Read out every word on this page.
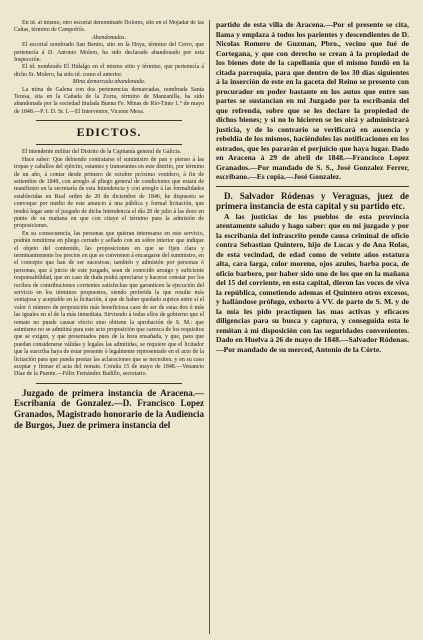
En id. al mismo, otro escorial denominado Dolores, sito en el Mojadar de las Cañas, término de Campofrío.

Abandonadas.

El escorial nombrado San Benito, sito en la Hoya, término del Cerro, que pertenecía á D. Antonio Molero, ha sido declarado abandonado por esta Inspección.

El id. nombrado El Hidalgo en el mismo sitio y término, que pertenecía á dicho Sr. Molero, ha sido id. como el anterior.

Mina demarcada abandonada.

La mina de Galena con dos pertenencias demarcadas, nombrada Santa Teresa, sita en la Cañada de la Zorra, término de Manzanilla, ha sido abandonada por la sociedad titulada Buena Fe. Minas de Rio-Tinto 1.° de mayo de 1848.—P. I. D. Sr. I.—El Interventor, Vicente Mesa.

EDICTOS.

El intendente militar del Distrito de la Capitanía general de Galicia.

Hace saber: Que debiendo contratarse el suministro de pan y pienso á las tropas y caballos del ejército, estantes y transeuntes en este distrito, por término de un año, á contar desde primero de octubre próximo venidero, á fin de setiembre de 1849, con arreglo al pliego general de condiciones que estará de manifiesto en la secretaría de esta Intendencia y con arreglo á las formalidades establecidas en Real orden de 20 de diciembre de 1846, he dispuesto se convoque por medio de este anuncio á una pública y formal licitación, que tendrá lugar ante el juzgado de dicha Intendencia el día 20 de julio á las doce en punto de su mañana en que con citaye el término para la admisión de proposiciones.

En su consecuencia, las personas que quieran interesarse en este servicio, podrán remitirme en pliego cerrado y sellado con un sobre interior que indique el objeto del contenido, las proposiciones en que se fijen clara y terminantemente los precios en que se convienen á encargarse del suministro, en el concepto que han de ser sucesivas; también y admisión por personas ó personas, que á juicio de este juzgado, sean de conocido arraigo y suficiente responsabilidad, que en caso de duda podrá apreciarse y hacerse constar por los recibos de contribuciones corrientes satisfechas que garanticen la ejecución del servicio en los términos propuestos, siendo preferida la que resulte más ventajosa y aceptable en la licitación, á que de haber quedado sujetos entre sí el valor ó número de proposición más beneficiosa caso de ser de estas dos ó más las iguales en el de la más inmediata. Sirviendo á todas ellos de gobierno que el remate no puede causar efecto sino obtiene la aprobación de S. M.: que asimismo no se admitirá para este acto proposición que carezca de los requisitos que se exigen, y que presentados pues de la hora ensañada, y que, para que puedan considerarse válidas y legales las admitidas, se requiere que el licitador que la suscriba haya de estar presente ó legalmente representado en el acto de la licitación para que pueda prestar las aclaraciones que se necesiten, y en su caso aceptar y firmar el acta del remate. Coruña 15 de mayo de 1848.—Venancio Díaz de la Puente.—Félix Fernández Badillo, secretario.

Juzgado de primera instancia de Aracena.—Escribanía de Gonzalez.—D. Francisco Lopez Granados, Magistrado honorario de la Audiencia de Burgos, Juez de primera instancia del

partido de esta villa de Aracena.—Por el presente se cita, llama y emplaza á todos los parientes y descendientes de D. Nicolas Romero de Guzman, Pbro., vecino que fué de Cortegana, y que con derecho se crean á la propiedad de los bienes dote de la capellanía que el mismo fundó en la citada parroquia, para que dentro de los 30 días siguientes á la inserción de este en la gaceta del Reino se presente con procurador en poder bastante en los autos que entre sus partes se sustancian en mi Juzgado por la escribanía del que refrenda, sobre que se les declare la propiedad de dichos bienes; y si no lo hicieren se les oirá y administrará justicia, y de lo contrario se verificará en ausencia y rebeldía de los mismos, haciéndoles las notificaciones en los estrados, que les pararán el perjuicio que haya lugar. Dado en Aracena á 29 de abril de 1848.—Francisco Lopez Granados.—Por mandado de S. S., José Gonzalez Ferrer, escribano.—Es copia.—José Gonzalez.

D. Salvador Ródenas y Veraguas, juez de primera instancia de esta capital y su partido etc.

A las justicias de los pueblos de esta provincia atentamente saludo y hago saber: que en mi juzgado y por la escribanía del infrascrito pende causa criminal de oficio contra Sebastian Quintero, hijo de Lucas y de Ana Rolas, de esta vecindad, de edad como de veinte años estatura alta, cara larga, color moreno, ojos azules, barba poca, de oficio barbero, por haber sido uno de los que en la mañana del 15 del corriente, en esta capital, dieron las voces de viva la república, cometiendo ademas el Quintero otros excesos, y hallándose prófugo, exhorto á VV. de parte de S. M. y de la mía les pido practiquen las mas activas y eficaces diligencias para su busca y captura, y conseguida esta le remitan á mi disposición con las seguridades convenientes. Dado en Huelva á 26 de mayo de 1848.—Salvador Ródenas.—Por mandado de su merced, Antonio de la Córte.
